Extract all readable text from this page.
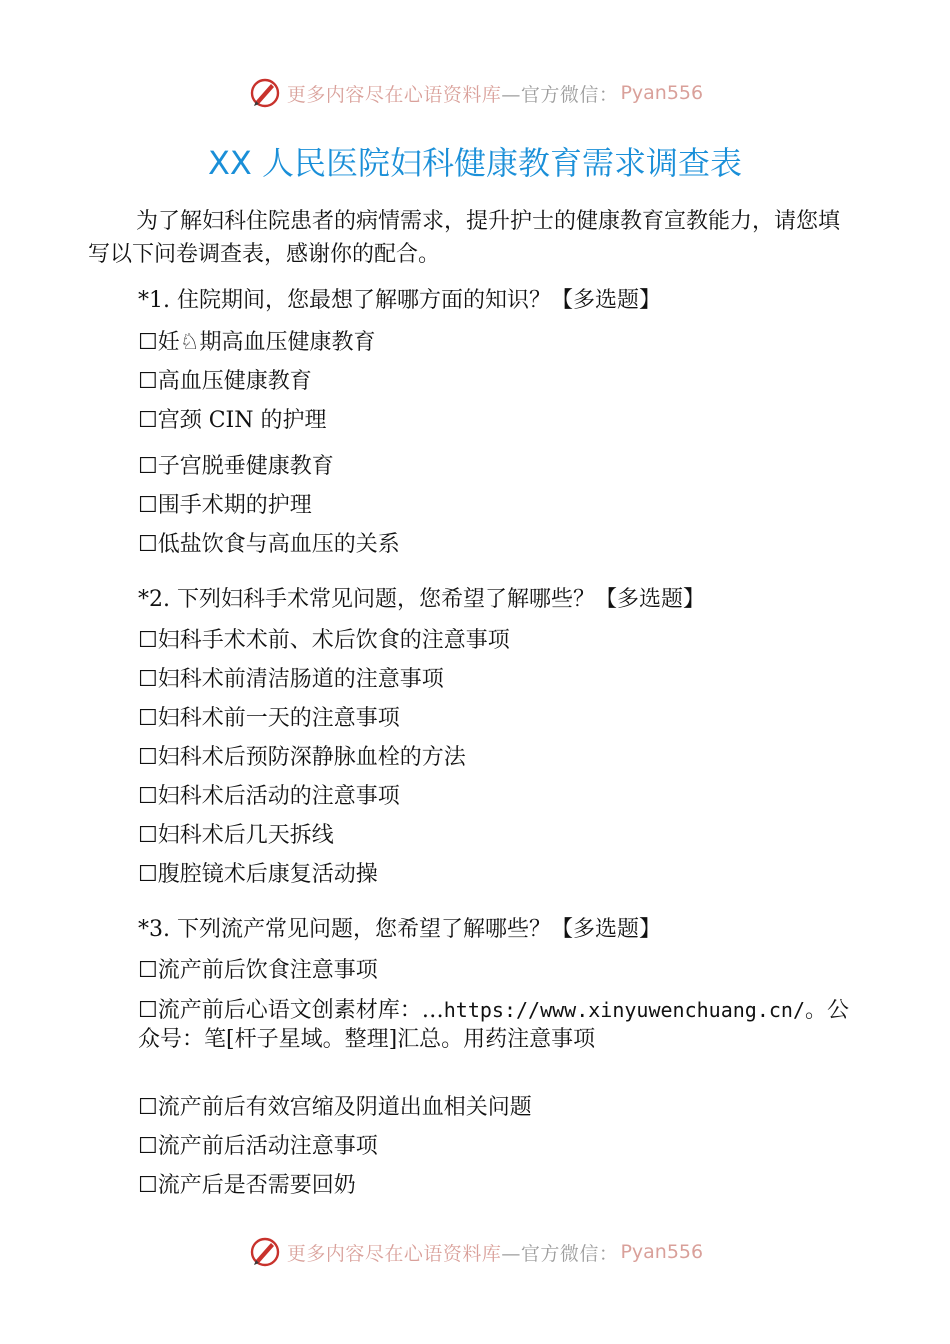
更多内容尽在心语资料库 —官方微信： Pyan556
XX 人民医院妇科健康教育需求调查表
为了解妇科住院患者的病情需求，提升护士的健康教育宣教能力，请您填写以下问卷调查表，感谢你的配合。
*1. 住院期间，您最想了解哪方面的知识？【多选题】
☐妊♘期高血压健康教育
☐高血压健康教育
☐宫颈 CIN 的护理
☐子宫脱垂健康教育
☐围手术期的护理
☐低盐饮食与高血压的关系
*2. 下列妇科手术常见问题，您希望了解哪些？【多选题】
☐妇科手术术前、术后饮食的注意事项
☐妇科术前清洁肠道的注意事项
☐妇科术前一天的注意事项
☐妇科术后预防深静脉血栓的方法
☐妇科术后活动的注意事项
☐妇科术后几天拆线
☐腹腔镜术后康复活动操
*3. 下列流产常见问题，您希望了解哪些？【多选题】
☐流产前后饮食注意事项
☐流产前后心语文创素材库：…https://www.xinyuwenchuang.cn/。公众号：笔[杆子星域。整理]汇总。用药注意事项
☐流产前后有效宫缩及阴道出血相关问题
☐流产前后活动注意事项
☐流产后是否需要回奶
更多内容尽在心语资料库 —官方微信： Pyan556
